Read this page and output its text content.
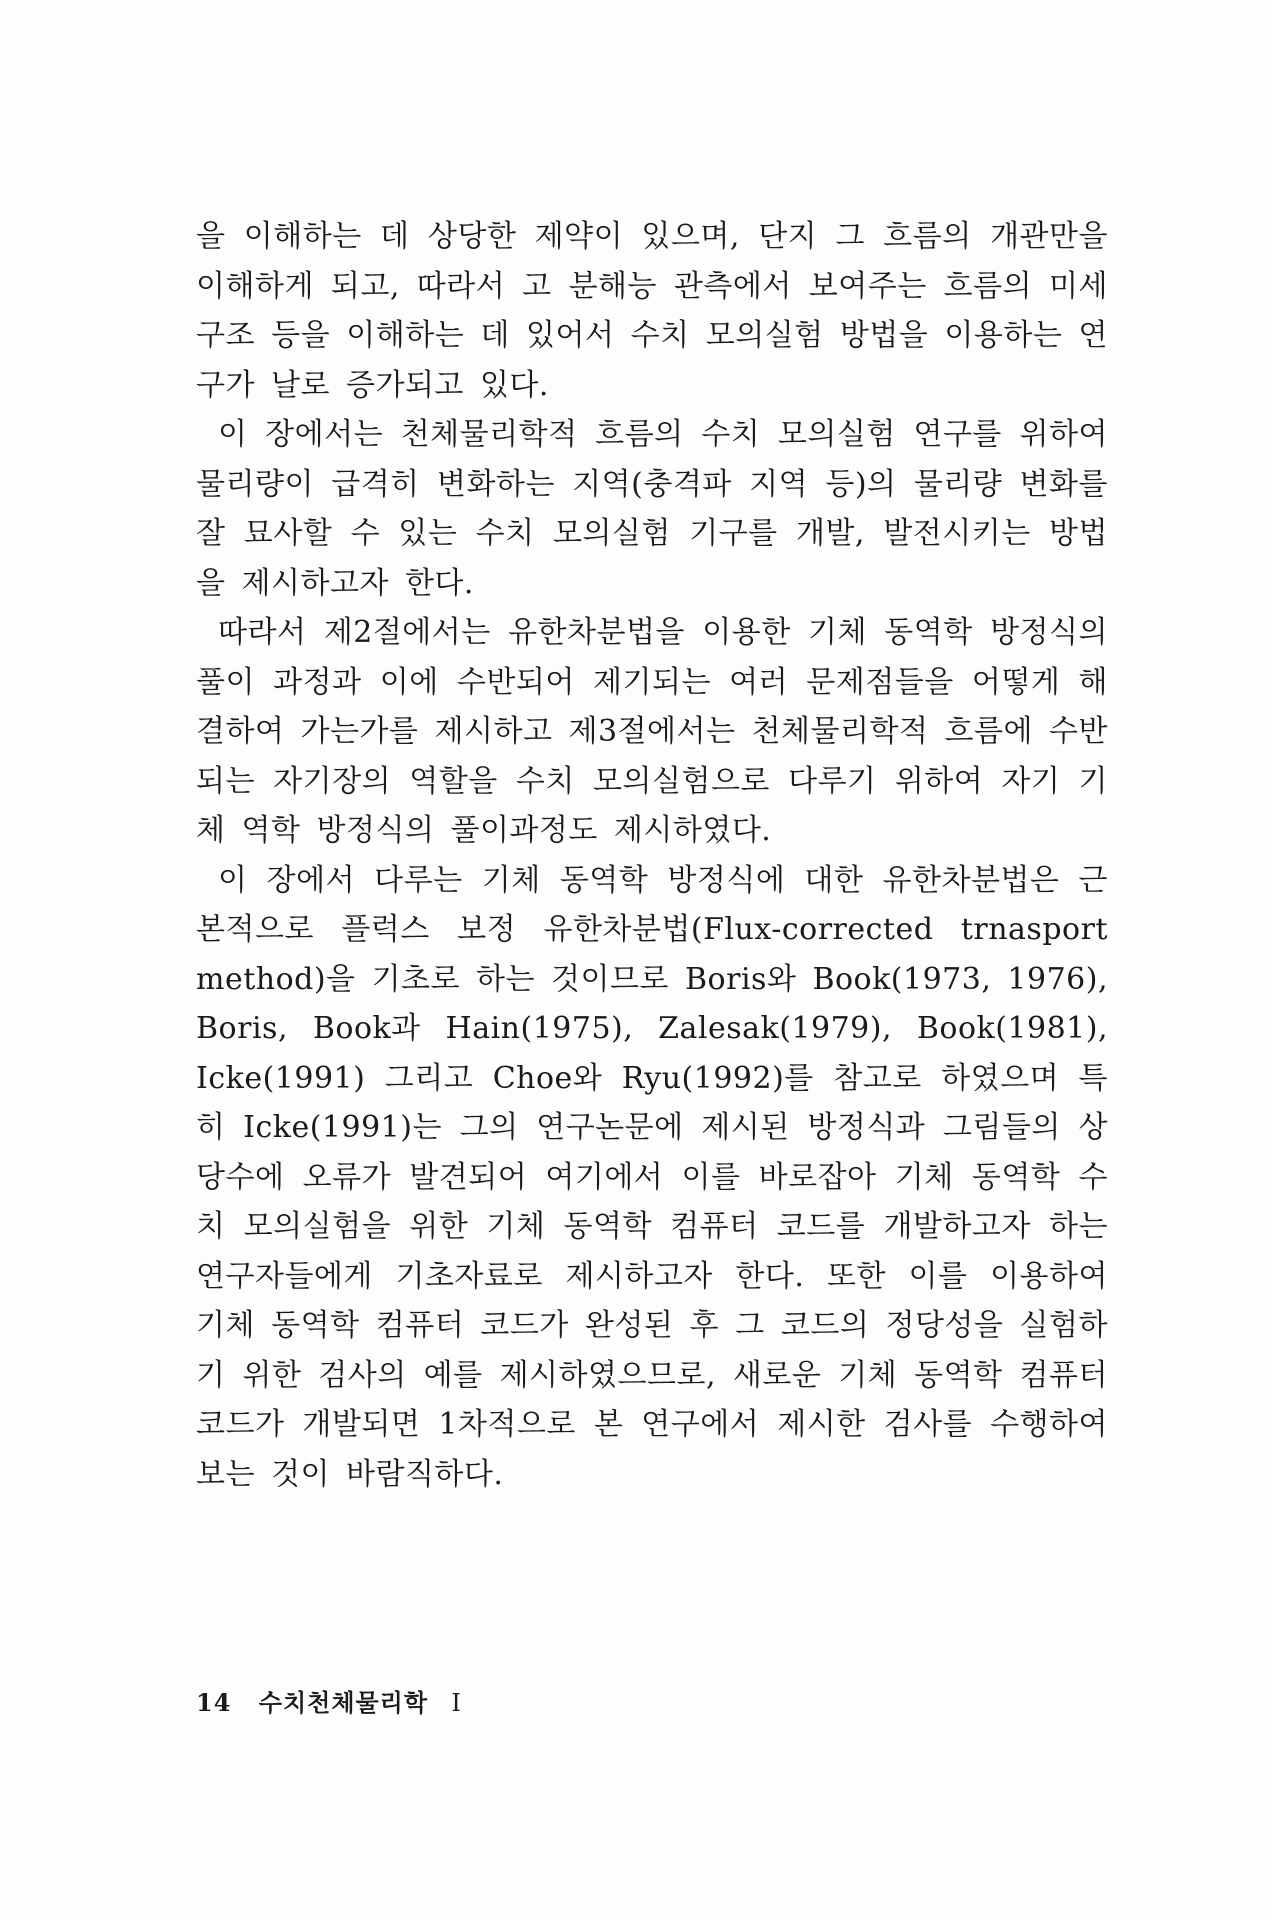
을 이해하는 데 상당한 제약이 있으며, 단지 그 흐름의 개관만을 이해하게 되고, 따라서 고 분해능 관측에서 보여주는 흐름의 미세구조 등을 이해하는 데 있어서 수치 모의실험 방법을 이용하는 연구가 날로 증가되고 있다.

이 장에서는 천체물리학적 흐름의 수치 모의실험 연구를 위하여 물리량이 급격히 변화하는 지역(충격파 지역 등)의 물리량 변화를 잘 묘사할 수 있는 수치 모의실험 기구를 개발, 발전시키는 방법을 제시하고자 한다.

따라서 제2절에서는 유한차분법을 이용한 기체 동역학 방정식의 풀이 과정과 이에 수반되어 제기되는 여러 문제점들을 어떻게 해결하여 가는가를 제시하고 제3절에서는 천체물리학적 흐름에 수반되는 자기장의 역할을 수치 모의실험으로 다루기 위하여 자기 기체 역학 방정식의 풀이과정도 제시하였다.

이 장에서 다루는 기체 동역학 방정식에 대한 유한차분법은 근본적으로 플럭스 보정 유한차분법(Flux-corrected trnasport method)을 기초로 하는 것이므로 Boris와 Book(1973, 1976), Boris, Book과 Hain(1975), Zalesak(1979), Book(1981), Icke(1991) 그리고 Choe와 Ryu(1992)를 참고로 하였으며 특히 Icke(1991)는 그의 연구논문에 제시된 방정식과 그림들의 상당수에 오류가 발견되어 여기에서 이를 바로잡아 기체 동역학 수치 모의실험을 위한 기체 동역학 컴퓨터 코드를 개발하고자 하는 연구자들에게 기초자료로 제시하고자 한다. 또한 이를 이용하여 기체 동역학 컴퓨터 코드가 완성된 후 그 코드의 정당성을 실험하기 위한 검사의 예를 제시하였으므로, 새로운 기체 동역학 컴퓨터 코드가 개발되면 1차적으로 본 연구에서 제시한 검사를 수행하여 보는 것이 바람직하다.

14 수치천체물리학 I
